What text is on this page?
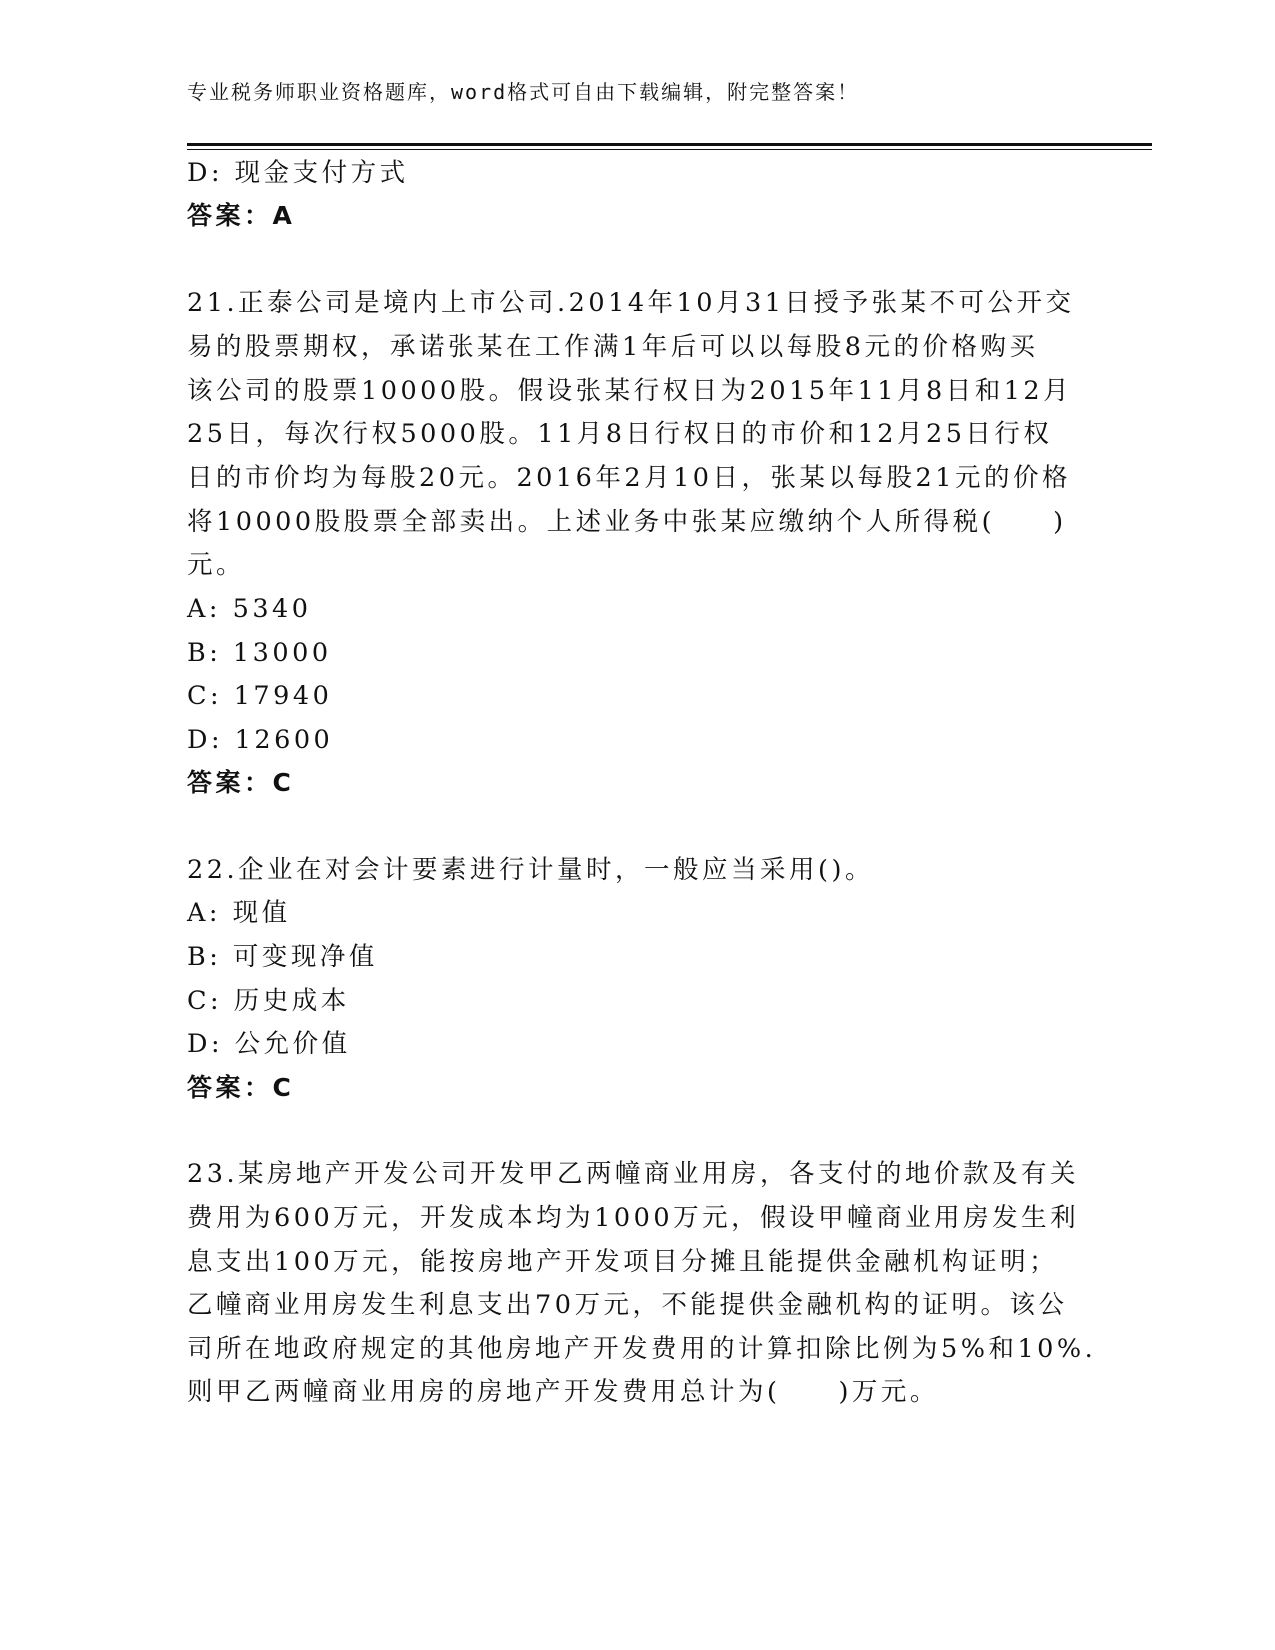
专业税务师职业资格题库，word格式可自由下载编辑，附完整答案！
D: 现金支付方式
答案：A
21.正泰公司是境内上市公司.2014年10月31日授予张某不可公开交
易的股票期权，承诺张某在工作满1年后可以以每股8元的价格购买
该公司的股票10000股。假设张某行权日为2015年11月8日和12月
25日，每次行权5000股。11月8日行权日的市价和12月25日行权
日的市价均为每股20元。2016年2月10日，张某以每股21元的价格
将10000股股票全部卖出。上述业务中张某应缴纳个人所得税(　　)
元。
A: 5340
B: 13000
C: 17940
D: 12600
答案：C
22.企业在对会计要素进行计量时，一般应当采用()。
A: 现值
B: 可变现净值
C: 历史成本
D: 公允价值
答案：C
23.某房地产开发公司开发甲乙两幢商业用房，各支付的地价款及有关
费用为600万元，开发成本均为1000万元，假设甲幢商业用房发生利
息支出100万元，能按房地产开发项目分摊且能提供金融机构证明；
乙幢商业用房发生利息支出70万元，不能提供金融机构的证明。该公
司所在地政府规定的其他房地产开发费用的计算扣除比例为5%和10%.
则甲乙两幢商业用房的房地产开发费用总计为(　　)万元。
